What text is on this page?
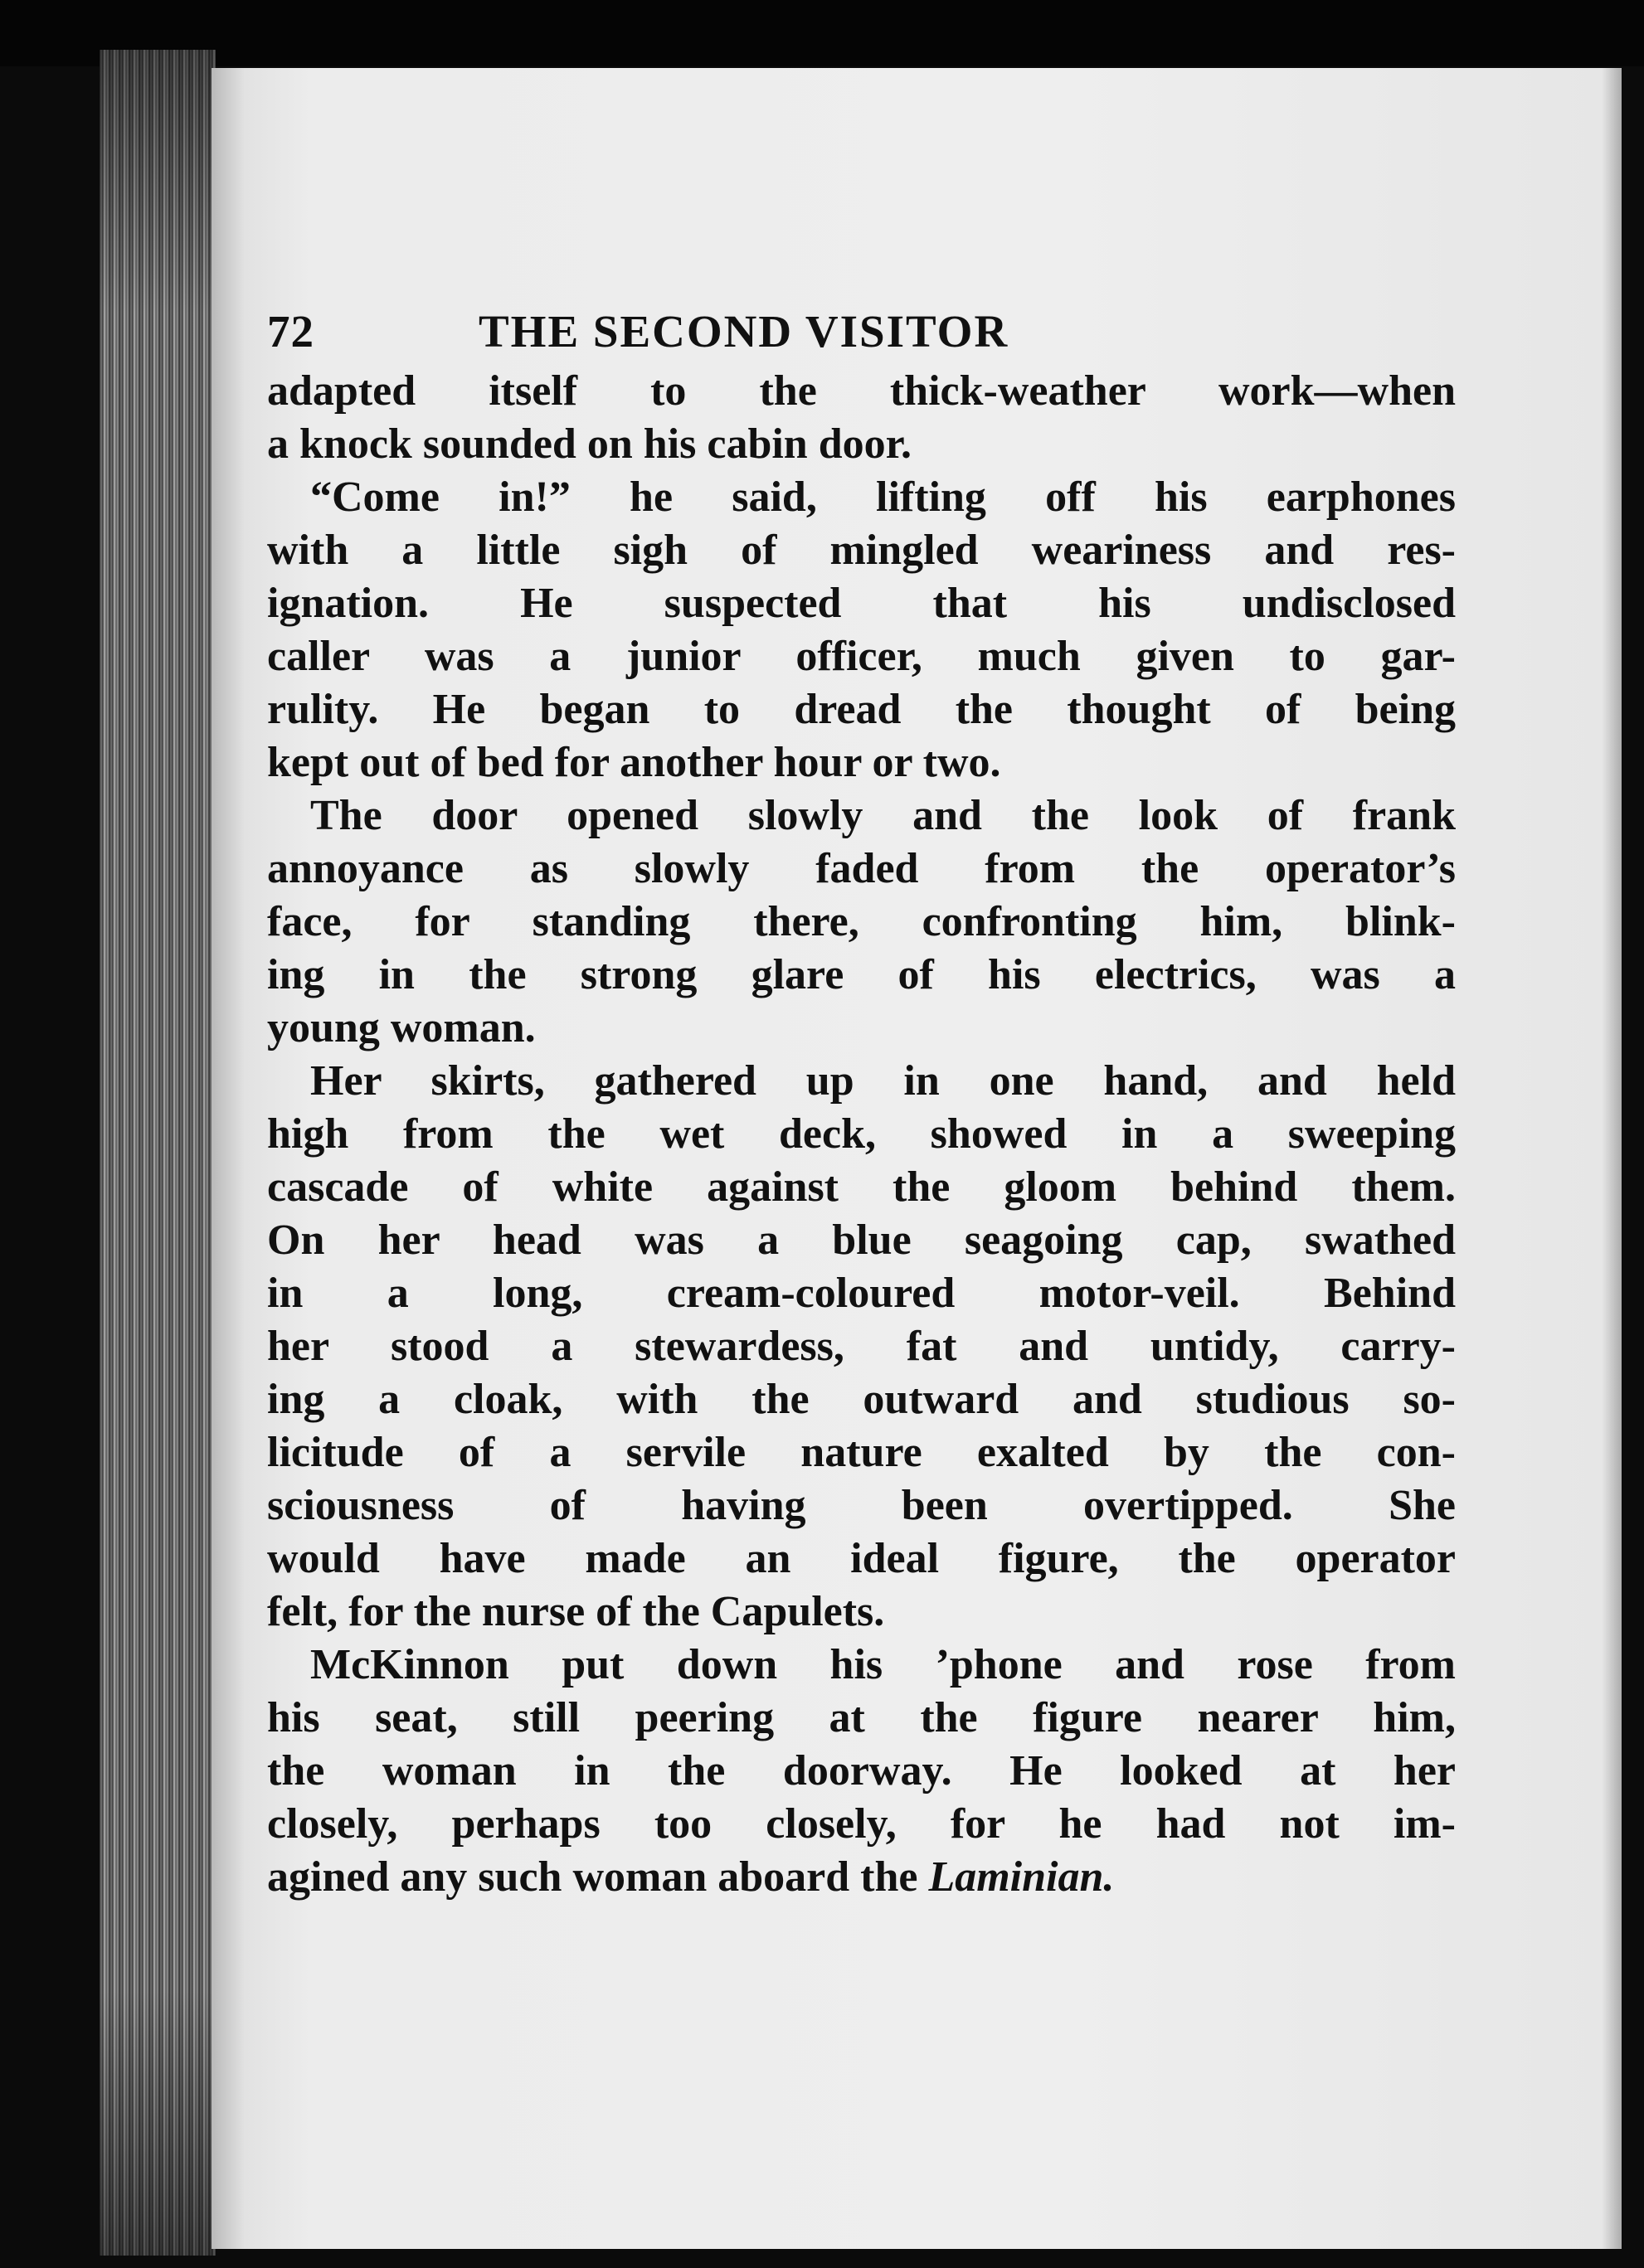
72	THE SECOND VISITOR
adapted itself to the thick-weather work—when
a knock sounded on his cabin door.
“Come in!” he said, lifting off his earphones
with a little sigh of mingled weariness and res-
ignation. He suspected that his undisclosed
caller was a junior officer, much given to gar-
rulity. He began to dread the thought of being
kept out of bed for another hour or two.
The door opened slowly and the look of frank
annoyance as slowly faded from the operator’s
face, for standing there, confronting him, blink-
ing in the strong glare of his electrics, was a
young woman.
Her skirts, gathered up in one hand, and held
high from the wet deck, showed in a sweeping
cascade of white against the gloom behind them.
On her head was a blue seagoing cap, swathed
in a long, cream-coloured motor-veil. Behind
her stood a stewardess, fat and untidy, carry-
ing a cloak, with the outward and studious so-
licitude of a servile nature exalted by the con-
sciousness of having been overtipped. She
would have made an ideal figure, the operator
felt, for the nurse of the Capulets.
McKinnon put down his ’phone and rose from
his seat, still peering at the figure nearer him,
the woman in the doorway. He looked at her
closely, perhaps too closely, for he had not im-
agined any such woman aboard the Laminian.
